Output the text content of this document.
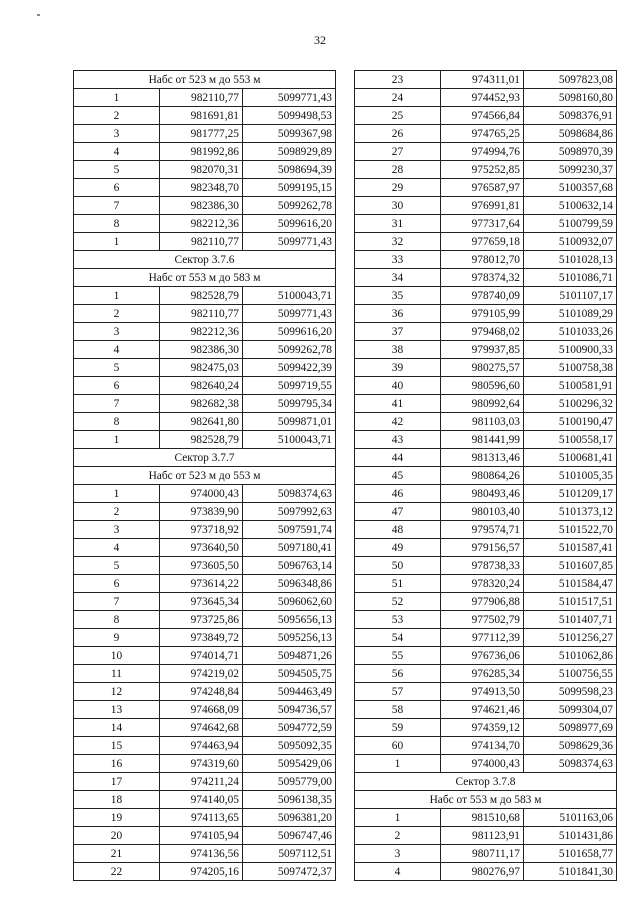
32
Набс от 523 м до 553 м		
1	982110,77	5099771,43
2	981691,81	5099498,53
3	981777,25	5099367,98
4	981992,86	5098929,89
5	982070,31	5098694,39
6	982348,70	5099195,15
7	982386,30	5099262,78
8	982212,36	5099616,20
1	982110,77	5099771,43
Сектор 3.7.6		
Набс от 553 м до 583 м		
1	982528,79	5100043,71
2	982110,77	5099771,43
3	982212,36	5099616,20
4	982386,30	5099262,78
5	982475,03	5099422,39
6	982640,24	5099719,55
7	982682,38	5099795,34
8	982641,80	5099871,01
1	982528,79	5100043,71
Сектор 3.7.7		
Набс от 523 м до 553 м		
1	974000,43	5098374,63
2	973839,90	5097992,63
3	973718,92	5097591,74
4	973640,50	5097180,41
5	973605,50	5096763,14
6	973614,22	5096348,86
7	973645,34	5096062,60
8	973725,86	5095656,13
9	973849,72	5095256,13
10	974014,71	5094871,26
11	974219,02	5094505,75
12	974248,84	5094463,49
13	974668,09	5094736,57
14	974642,68	5094772,59
15	974463,94	5095092,35
16	974319,60	5095429,06
17	974211,24	5095779,00
18	974140,05	5096138,35
19	974113,65	5096381,20
20	974105,94	5096747,46
21	974136,56	5097112,51
22	974205,16	5097472,37
23	974311,01	5097823,08
24	974452,93	5098160,80
25	974566,84	5098376,91
26	974765,25	5098684,86
27	974994,76	5098970,39
28	975252,85	5099230,37
29	976587,97	5100357,68
30	976991,81	5100632,14
31	977317,64	5100799,59
32	977659,18	5100932,07
33	978012,70	5101028,13
34	978374,32	5101086,71
35	978740,09	5101107,17
36	979105,99	5101089,29
37	979468,02	5101033,26
38	979937,85	5100900,33
39	980275,57	5100758,38
40	980596,60	5100581,91
41	980992,64	5100296,32
42	981103,03	5100190,47
43	981441,99	5100558,17
44	981313,46	5100681,41
45	980864,26	5101005,35
46	980493,46	5101209,17
47	980103,40	5101373,12
48	979574,71	5101522,70
49	979156,57	5101587,41
50	978738,33	5101607,85
51	978320,24	5101584,47
52	977906,88	5101517,51
53	977502,79	5101407,71
54	977112,39	5101256,27
55	976736,06	5101062,86
56	976285,34	5100756,55
57	974913,50	5099598,23
58	974621,46	5099304,07
59	974359,12	5098977,69
60	974134,70	5098629,36
1	974000,43	5098374,63
Сектор 3.7.8		
Набс от 553 м до 583 м		
1	981510,68	5101163,06
2	981123,91	5101431,86
3	980711,17	5101658,77
4	980276,97	5101841,30
